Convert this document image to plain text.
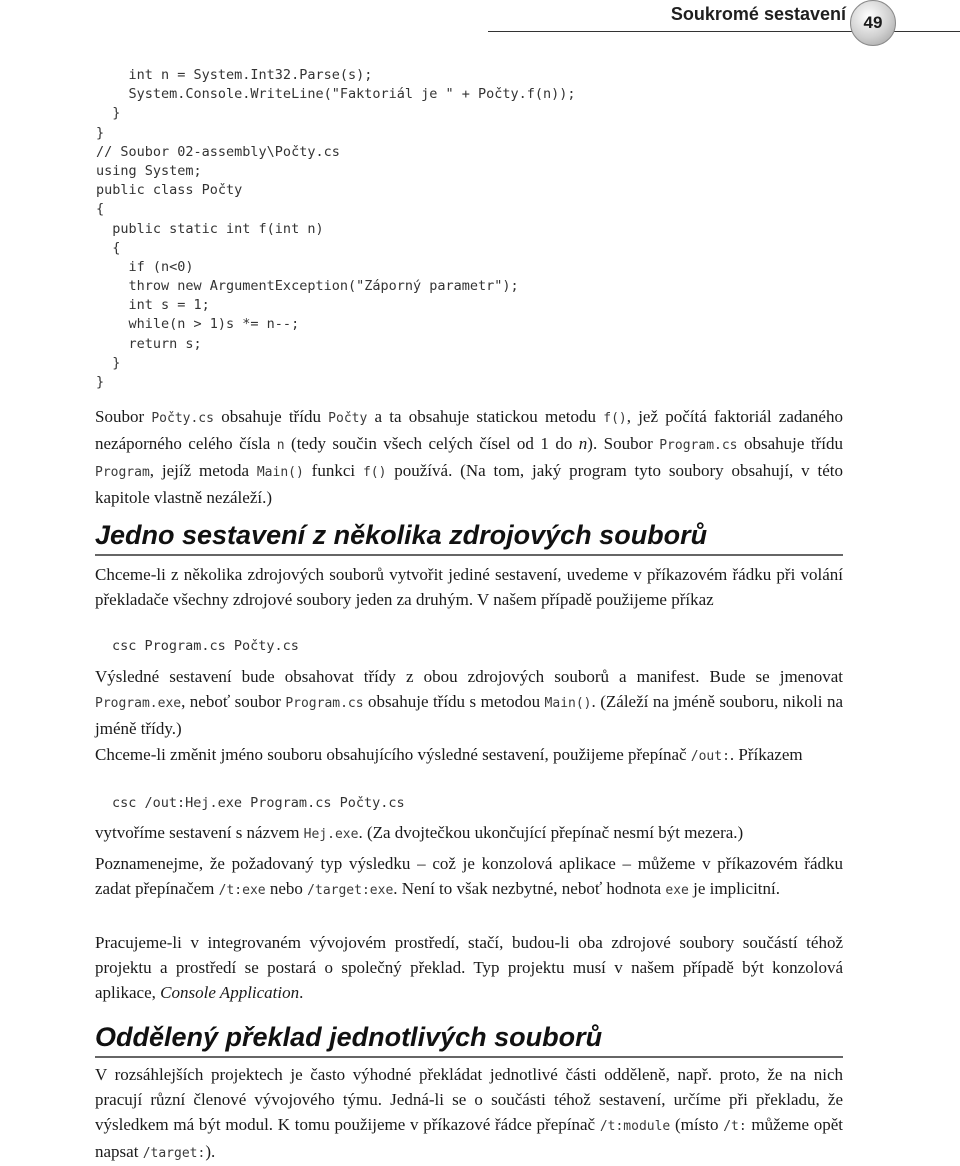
Soukromé sestavení 49
int n = System.Int32.Parse(s);
System.Console.WriteLine("Faktoriál je " + Počty.f(n));
}
}
// Soubor 02-assembly\Počty.cs
using System;
public class Počty
{
public static int f(int n)
{
if (n<0)
throw new ArgumentException("Záporný parametr");
int s = 1;
while(n > 1)s *= n--;
return s;
}
}

Soubor Počty.cs obsahuje třídu Počty a ta obsahuje statickou metodu f(), jež počítá faktoriál zadaného nezáporného celého čísla n (tedy součin všech celých čísel od 1 do n). Soubor Program.cs obsahuje třídu Program, jejíž metoda Main() funkci f() používá. (Na tom, jaký program tyto soubory obsahují, v této kapitole vlastně nezáleží.)

Jedno sestavení z několika zdrojových souborů

Chceme-li z několika zdrojových souborů vytvořit jediné sestavení, uvedeme v příkazovém řádku při volání překladače všechny zdrojové soubory jeden za druhým. V našem případě použijeme příkaz

csc Program.cs Počty.cs

Výsledné sestavení bude obsahovat třídy z obou zdrojových souborů a manifest. Bude se jmenovat Program.exe, neboť soubor Program.cs obsahuje třídu s metodou Main(). (Záleží na jméně souboru, nikoli na jméně třídy.)

Chceme-li změnit jméno souboru obsahujícího výsledné sestavení, použijeme přepínač /out:. Příkazem

csc /out:Hej.exe Program.cs Počty.cs

vytvoříme sestavení s názvem Hej.exe. (Za dvojtečkou ukončující přepínač nesmí být mezera.)

Poznamenejme, že požadovaný typ výsledku – což je konzolová aplikace – můžeme v příkazovém řádku zadat přepínačem /t:exe nebo /target:exe. Není to však nezbytné, neboť hodnota exe je implicitní.

Pracujeme-li v integrovaném vývojovém prostředí, stačí, budou-li oba zdrojové soubory součástí téhož projektu a prostředí se postará o společný překlad. Typ projektu musí v našem případě být konzolová aplikace, Console Application.

Oddělený překlad jednotlivých souborů

V rozsáhlejších projektech je často výhodné překládat jednotlivé části odděleně, např. proto, že na nich pracují různí členové vývojového týmu. Jedná-li se o součásti téhož sestavení, určíme při překladu, že výsledkem má být modul. K tomu použijeme v příkazové řádce přepínač /t:module (místo /t: můžeme opět napsat /target:).
